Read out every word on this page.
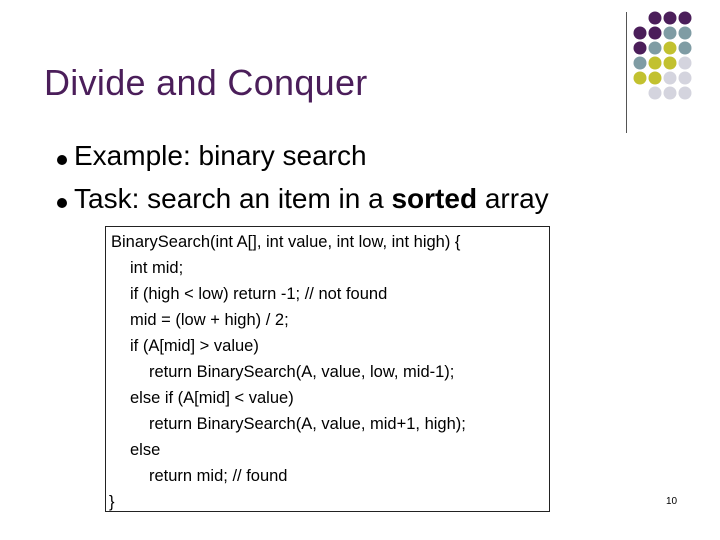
Divide and Conquer
Example: binary search
Task: search an item in a sorted array
BinarySearch(int A[], int value, int low, int high) {
int mid;
if (high < low) return -1; // not found
mid = (low + high) / 2;
if (A[mid] > value)
return BinarySearch(A, value, low, mid-1);
else if (A[mid] < value)
return BinarySearch(A, value, mid+1, high);
else
return mid; // found
}	10
